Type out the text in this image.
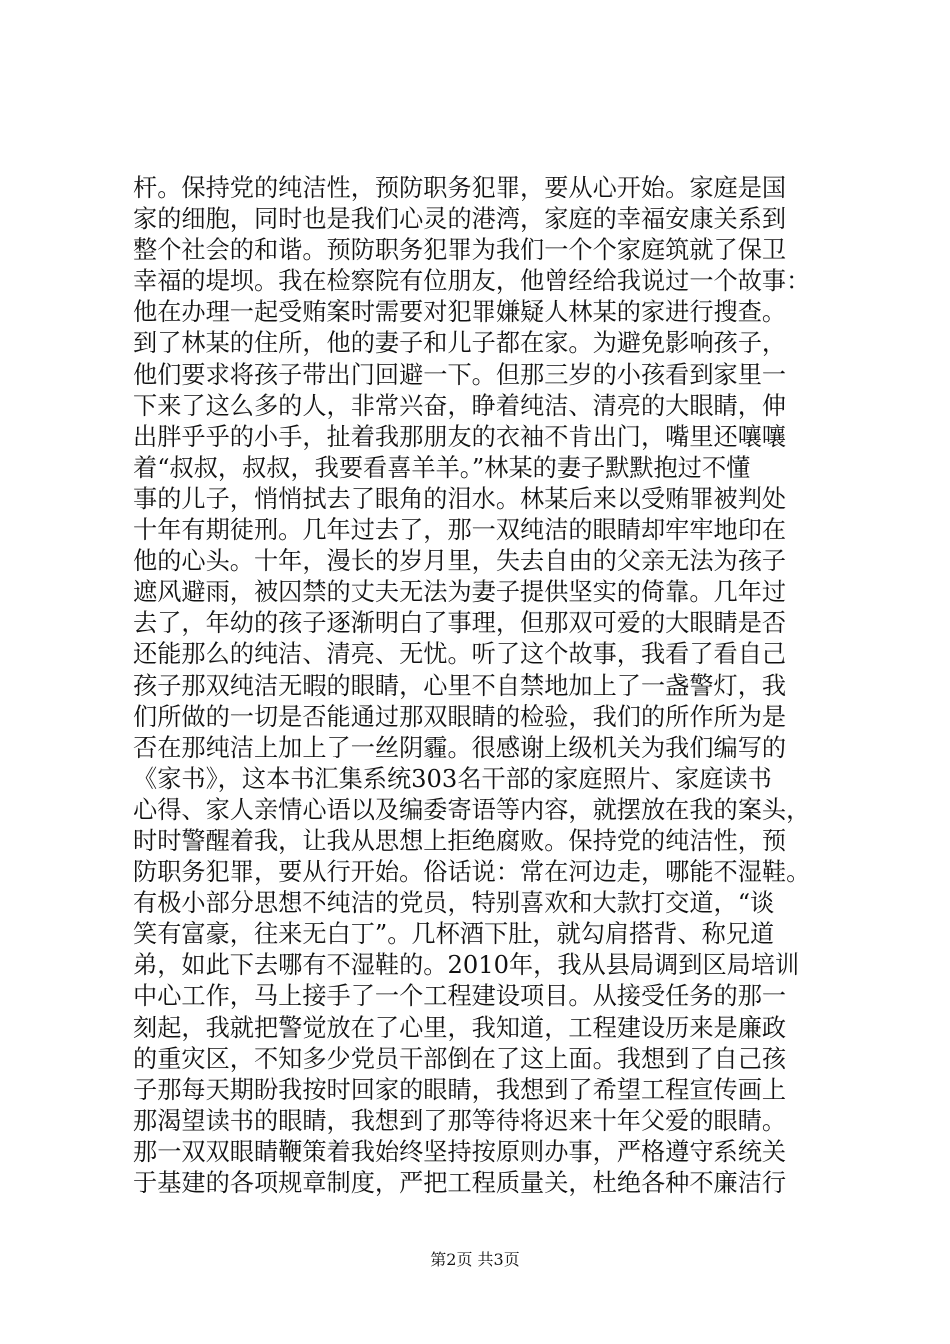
杆。保持党的纯洁性，预防职务犯罪，要从心开始。家庭是国
家的细胞，同时也是我们心灵的港湾，家庭的幸福安康关系到
整个社会的和谐。预防职务犯罪为我们一个个家庭筑就了保卫
幸福的堤坝。我在检察院有位朋友，他曾经给我说过一个故事：
他在办理一起受贿案时需要对犯罪嫌疑人林某的家进行搜查。
到了林某的住所，他的妻子和儿子都在家。为避免影响孩子，
他们要求将孩子带出门回避一下。但那三岁的小孩看到家里一
下来了这么多的人，非常兴奋，睁着纯洁、清亮的大眼睛，伸
出胖乎乎的小手，扯着我那朋友的衣袖不肯出门，嘴里还嚷嚷
着“叔叔，叔叔，我要看喜羊羊。”林某的妻子默默抱过不懂
事的儿子，悄悄拭去了眼角的泪水。林某后来以受贿罪被判处
十年有期徒刑。几年过去了，那一双纯洁的眼睛却牢牢地印在
他的心头。十年，漫长的岁月里，失去自由的父亲无法为孩子
遮风避雨，被囚禁的丈夫无法为妻子提供坚实的倚靠。几年过
去了，年幼的孩子逐渐明白了事理，但那双可爱的大眼睛是否
还能那么的纯洁、清亮、无忧。听了这个故事，我看了看自己
孩子那双纯洁无暇的眼睛，心里不自禁地加上了一盏警灯，我
们所做的一切是否能通过那双眼睛的检验，我们的所作所为是
否在那纯洁上加上了一丝阴霾。很感谢上级机关为我们编写的
《家书》，这本书汇集系统303名干部的家庭照片、家庭读书
心得、家人亲情心语以及编委寄语等内容，就摆放在我的案头，
时时警醒着我，让我从思想上拒绝腐败。保持党的纯洁性，预
防职务犯罪，要从行开始。俗话说：常在河边走，哪能不湿鞋。
有极小部分思想不纯洁的党员，特别喜欢和大款打交道，“谈
笑有富豪，往来无白丁”。几杯酒下肚，就勾肩搭背、称兄道
弟，如此下去哪有不湿鞋的。2010年，我从县局调到区局培训
中心工作，马上接手了一个工程建设项目。从接受任务的那一
刻起，我就把警觉放在了心里，我知道，工程建设历来是廉政
的重灾区，不知多少党员干部倒在了这上面。我想到了自己孩
子那每天期盼我按时回家的眼睛，我想到了希望工程宣传画上
那渴望读书的眼睛，我想到了那等待将迟来十年父爱的眼睛。
那一双双眼睛鞭策着我始终坚持按原则办事，严格遵守系统关
于基建的各项规章制度，严把工程质量关，杜绝各种不廉洁行
第2页 共3页
